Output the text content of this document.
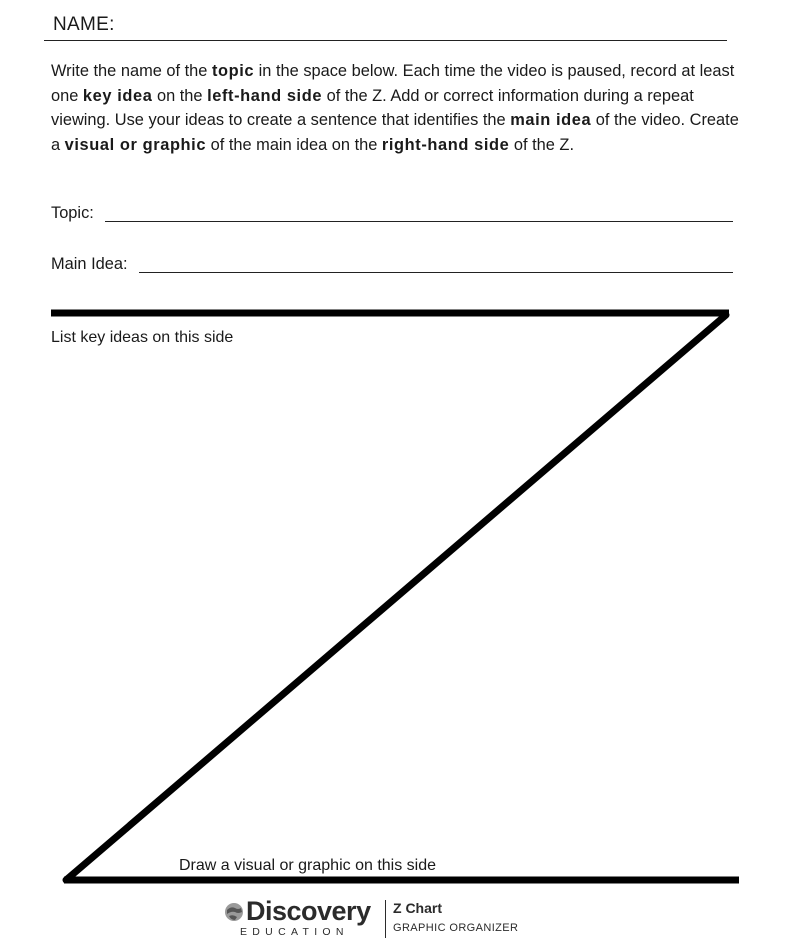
NAME:
Write the name of the topic in the space below. Each time the video is paused, record at least one key idea on the left-hand side of the Z. Add or correct information during a repeat viewing. Use your ideas to create a sentence that identifies the main idea of the video. Create a visual or graphic of the main idea on the right-hand side of the Z.
Topic:
Main Idea:
List key ideas on this side
Draw a visual or graphic on this side
Discovery
EDUCATION
Z Chart
GRAPHIC ORGANIZER
